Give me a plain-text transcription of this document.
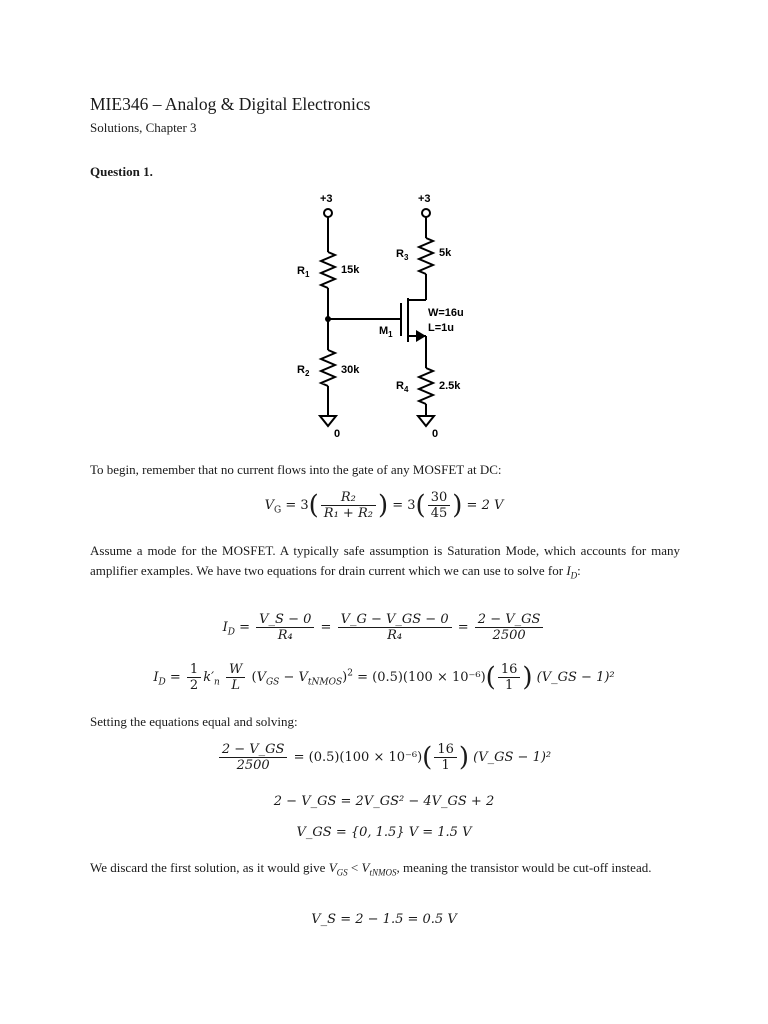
MIE346 – Analog & Digital Electronics
Solutions, Chapter 3
Question 1.
+3	+3
$R_1$	15k
$R_2$	30k
$R_3$	5k
$M_1$
W=16u
L=1u
$R_4$	2.5k
0	0
To begin, remember that no current flows into the gate of any MOSFET at DC:
$V_G = 3( \frac{\text{R₂}}{\text{R₁ + R₂}}$ ) = $3( \frac{30}{45}$ ) = 2 V
Assume a mode for the MOSFET. A typically safe assumption is Saturation Mode, which accounts for many amplifier examples. We have two equations for drain current which we can use to solve for $I_D$:
$I_D = \frac{V\_S - 0}{\text{R₄}} = \frac{V\_G - V\_GS - 0}{\text{R₄}} = \frac{2 - V\_GS}{2500}$
$I_D = \frac{1}{2} k'_n \frac{W}{L} (V_{GS} - V_{tNMOS})^2 = (0.5)(100 \times 10^{-6})( \frac{16}{1}$ ) (V_GS − 1)²
Setting the equations equal and solving:
$\frac{2 - V\_GS}{2500} = (0.5)(100 \times 10^{-6})( \frac{16}{1}$ ) (V_GS − 1)²
2 − V_GS = 2V_GS² − 4V_GS + 2
V_GS = {0, 1.5} V = 1.5 V
We discard the first solution, as it would give $V_{GS} < V_{tNMOS}$, meaning the transistor would be cut-off instead.
V_S = 2 − 1.5 = 0.5 V
